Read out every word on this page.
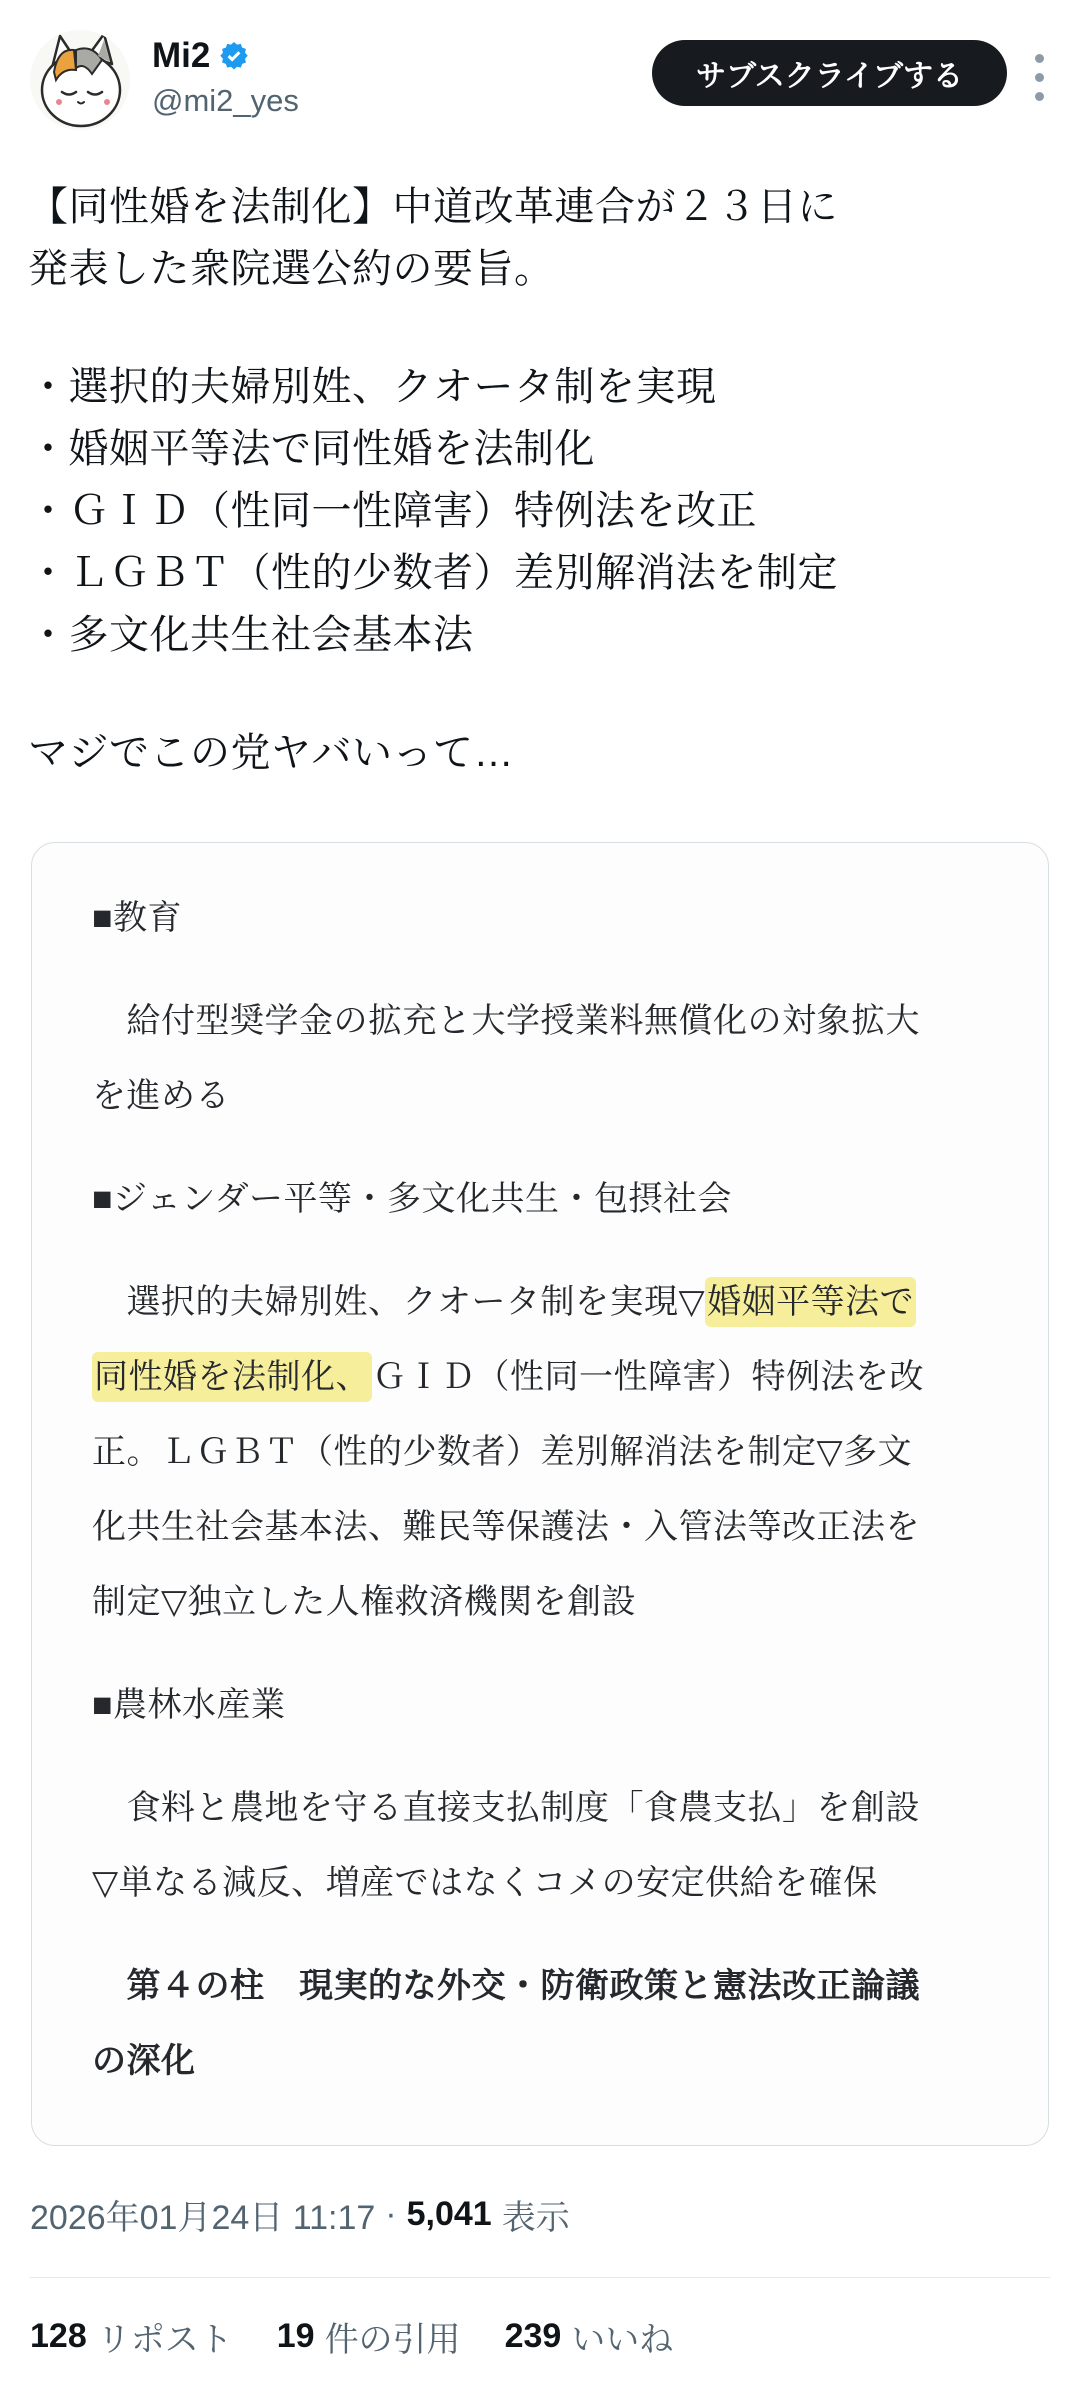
Mi2
@mi2_yes
サブスクライブする

【同性婚を法制化】中道改革連合が２３日に
発表した衆院選公約の要旨。

・選択的夫婦別姓、クオータ制を実現
・婚姻平等法で同性婚を法制化
・ＧＩＤ（性同一性障害）特例法を改正
・ＬＧＢＴ（性的少数者）差別解消法を制定
・多文化共生社会基本法

マジでこの党ヤバいって…

■教育
　給付型奨学金の拡充と大学授業料無償化の対象拡大
を進める
■ジェンダー平等・多文化共生・包摂社会
　選択的夫婦別姓、クオータ制を実現▽婚姻平等法で
同性婚を法制化、ＧＩＤ（性同一性障害）特例法を改
正。ＬＧＢＴ（性的少数者）差別解消法を制定▽多文
化共生社会基本法、難民等保護法・入管法等改正法を
制定▽独立した人権救済機関を創設
■農林水産業
　食料と農地を守る直接支払制度「食農支払」を創設
▽単なる減反、増産ではなくコメの安定供給を確保
　第４の柱　現実的な外交・防衛政策と憲法改正論議
の深化
2026年01月24日 11:17 · 5,041 表示
128 リポスト 19 件の引用 239 いいね
